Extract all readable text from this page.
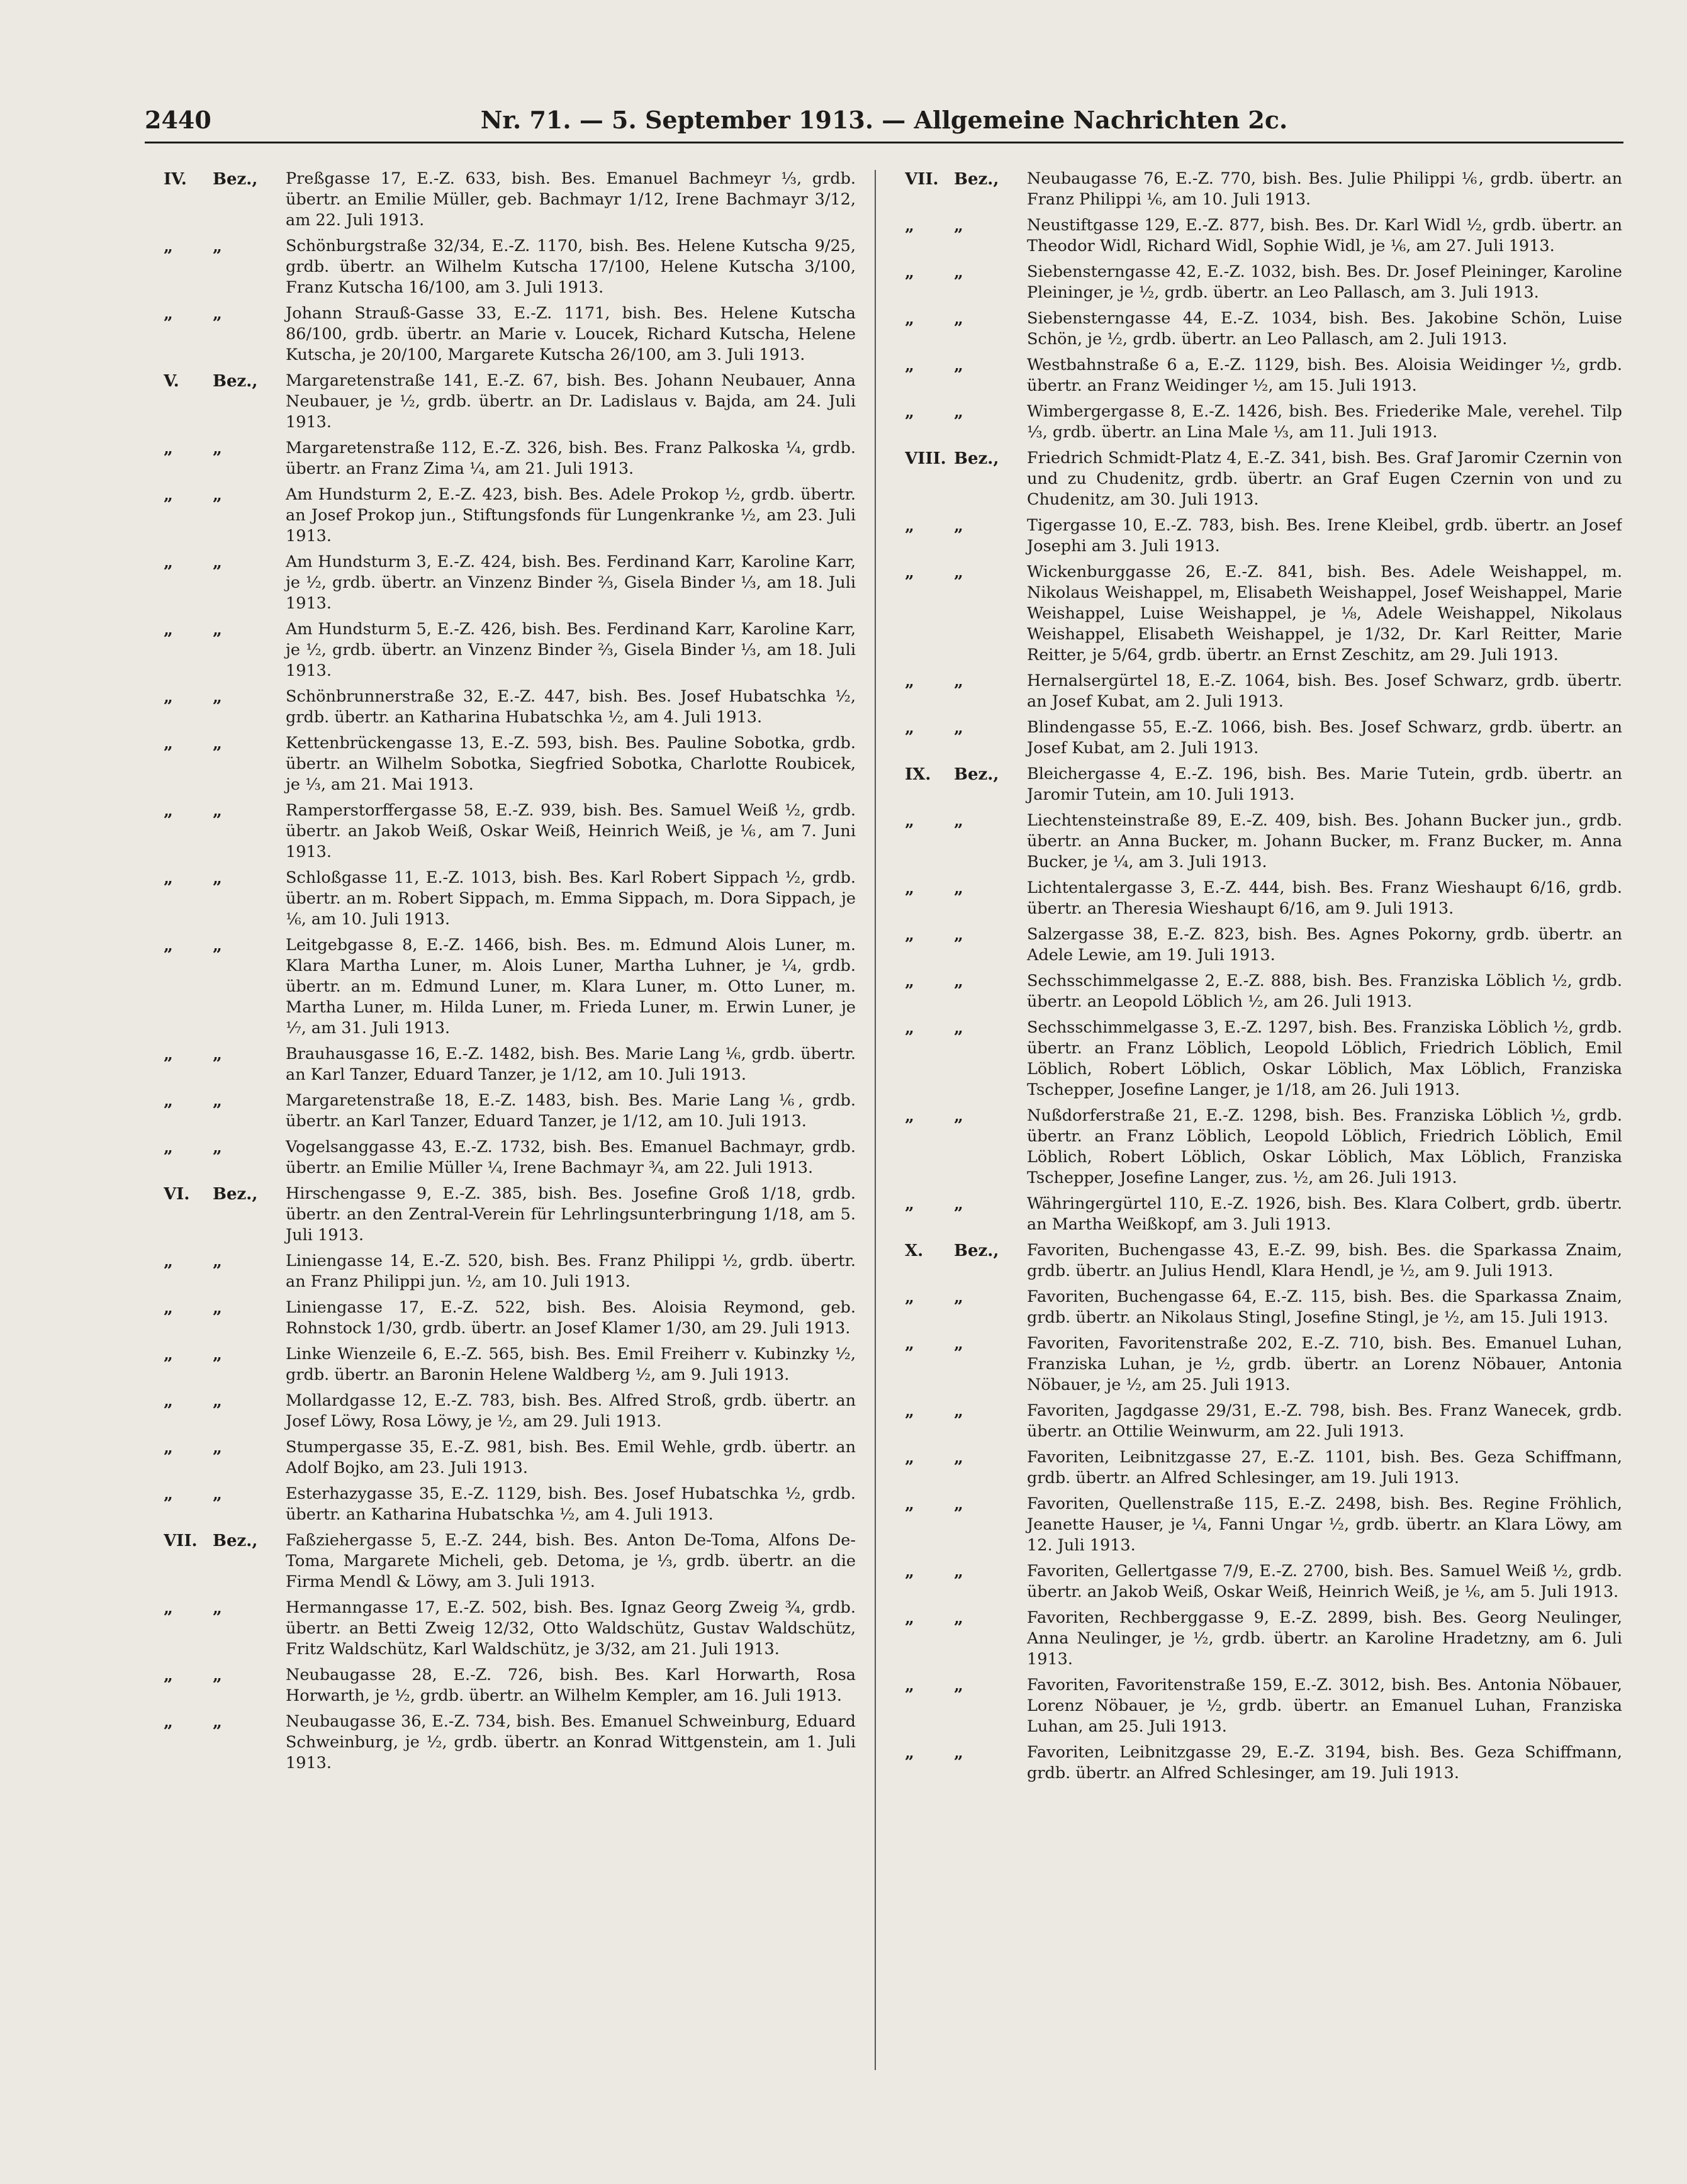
2440	Nr. 71. — 5. September 1913. — Allgemeine Nachrichten 2c.
IV.	Bez.,	Preßgasse 17, E.-Z. 633, bish. Bes. Emanuel Bachmeyr ⅓, grdb. übertr. an Emilie Müller, geb. Bachmayr 1/12, Irene Bachmayr 3/12, am 22. Juli 1913.
„	„	Schönburgstraße 32/34, E.-Z. 1170, bish. Bes. Helene Kutscha 9/25, grdb. übertr. an Wilhelm Kutscha 17/100, Helene Kutscha 3/100, Franz Kutscha 16/100, am 3. Juli 1913.
„	„	Johann Strauß-Gasse 33, E.-Z. 1171, bish. Bes. Helene Kutscha 86/100, grdb. übertr. an Marie v. Loucek, Richard Kutscha, Helene Kutscha, je 20/100, Margarete Kutscha 26/100, am 3. Juli 1913.
V.	Bez.,	Margaretenstraße 141, E.-Z. 67, bish. Bes. Johann Neubauer, Anna Neubauer, je ½, grdb. übertr. an Dr. Ladislaus v. Bajda, am 24. Juli 1913.
„	„	Margaretenstraße 112, E.-Z. 326, bish. Bes. Franz Palkoska ¼, grdb. übertr. an Franz Zima ¼, am 21. Juli 1913.
„	„	Am Hundsturm 2, E.-Z. 423, bish. Bes. Adele Prokop ½, grdb. übertr. an Josef Prokop jun., Stiftungsfonds für Lungenkranke ½, am 23. Juli 1913.
„	„	Am Hundsturm 3, E.-Z. 424, bish. Bes. Ferdinand Karr, Karoline Karr, je ½, grdb. übertr. an Vinzenz Binder ⅔, Gisela Binder ⅓, am 18. Juli 1913.
„	„	Am Hundsturm 5, E.-Z. 426, bish. Bes. Ferdinand Karr, Karoline Karr, je ½, grdb. übertr. an Vinzenz Binder ⅔, Gisela Binder ⅓, am 18. Juli 1913.
„	„	Schönbrunnerstraße 32, E.-Z. 447, bish. Bes. Josef Hubatschka ½, grdb. übertr. an Katharina Hubatschka ½, am 4. Juli 1913.
„	„	Kettenbrückengasse 13, E.-Z. 593, bish. Bes. Pauline Sobotka, grdb. übertr. an Wilhelm Sobotka, Siegfried Sobotka, Charlotte Roubicek, je ⅓, am 21. Mai 1913.
„	„	Ramperstorffergasse 58, E.-Z. 939, bish. Bes. Samuel Weiß ½, grdb. übertr. an Jakob Weiß, Oskar Weiß, Heinrich Weiß, je ⅙, am 7. Juni 1913.
„	„	Schloßgasse 11, E.-Z. 1013, bish. Bes. Karl Robert Sippach ½, grdb. übertr. an m. Robert Sippach, m. Emma Sippach, m. Dora Sippach, je ⅙, am 10. Juli 1913.
„	„	Leitgebgasse 8, E.-Z. 1466, bish. Bes. m. Edmund Alois Luner, m. Klara Martha Luner, m. Alois Luner, Martha Luhner, je ¼, grdb. übertr. an m. Edmund Luner, m. Klara Luner, m. Otto Luner, m. Martha Luner, m. Hilda Luner, m. Frieda Luner, m. Erwin Luner, je ⅐, am 31. Juli 1913.
„	„	Brauhausgasse 16, E.-Z. 1482, bish. Bes. Marie Lang ⅙, grdb. übertr. an Karl Tanzer, Eduard Tanzer, je 1/12, am 10. Juli 1913.
„	„	Margaretenstraße 18, E.-Z. 1483, bish. Bes. Marie Lang ⅙, grdb. übertr. an Karl Tanzer, Eduard Tanzer, je 1/12, am 10. Juli 1913.
„	„	Vogelsanggasse 43, E.-Z. 1732, bish. Bes. Emanuel Bachmayr, grdb. übertr. an Emilie Müller ¼, Irene Bachmayr ¾, am 22. Juli 1913.
VI.	Bez.,	Hirschengasse 9, E.-Z. 385, bish. Bes. Josefine Groß 1/18, grdb. übertr. an den Zentral-Verein für Lehrlingsunterbringung 1/18, am 5. Juli 1913.
„	„	Liniengasse 14, E.-Z. 520, bish. Bes. Franz Philippi ½, grdb. übertr. an Franz Philippi jun. ½, am 10. Juli 1913.
„	„	Liniengasse 17, E.-Z. 522, bish. Bes. Aloisia Reymond, geb. Rohnstock 1/30, grdb. übertr. an Josef Klamer 1/30, am 29. Juli 1913.
„	„	Linke Wienzeile 6, E.-Z. 565, bish. Bes. Emil Freiherr v. Kubinzky ½, grdb. übertr. an Baronin Helene Waldberg ½, am 9. Juli 1913.
„	„	Mollardgasse 12, E.-Z. 783, bish. Bes. Alfred Stroß, grdb. übertr. an Josef Löwy, Rosa Löwy, je ½, am 29. Juli 1913.
„	„	Stumpergasse 35, E.-Z. 981, bish. Bes. Emil Wehle, grdb. übertr. an Adolf Bojko, am 23. Juli 1913.
„	„	Esterhazygasse 35, E.-Z. 1129, bish. Bes. Josef Hubatschka ½, grdb. übertr. an Katharina Hubatschka ½, am 4. Juli 1913.
VII. Bez.,	Faßziehergasse 5, E.-Z. 244, bish. Bes. Anton De-Toma, Alfons De-Toma, Margarete Micheli, geb. Detoma, je ⅓, grdb. übertr. an die Firma Mendl & Löwy, am 3. Juli 1913.
„	„	Hermanngasse 17, E.-Z. 502, bish. Bes. Ignaz Georg Zweig ¾, grdb. übertr. an Betti Zweig 12/32, Otto Waldschütz, Gustav Waldschütz, Fritz Waldschütz, Karl Waldschütz, je 3/32, am 21. Juli 1913.
„	„	Neubaugasse 28, E.-Z. 726, bish. Bes. Karl Horwarth, Rosa Horwarth, je ½, grdb. übertr. an Wilhelm Kempler, am 16. Juli 1913.
„	„	Neubaugasse 36, E.-Z. 734, bish. Bes. Emanuel Schweinburg, Eduard Schweinburg, je ½, grdb. übertr. an Konrad Wittgenstein, am 1. Juli 1913.
VII. Bez.,	Neubaugasse 76, E.-Z. 770, bish. Bes. Julie Philippi ⅙, grdb. übertr. an Franz Philippi ⅙, am 10. Juli 1913.
„	„	Neustiftgasse 129, E.-Z. 877, bish. Bes. Dr. Karl Widl ½, grdb. übertr. an Theodor Widl, Richard Widl, Sophie Widl, je ⅙, am 27. Juli 1913.
„	„	Siebensterngasse 42, E.-Z. 1032, bish. Bes. Dr. Josef Pleininger, Karoline Pleininger, je ½, grdb. übertr. an Leo Pallasch, am 3. Juli 1913.
„	„	Siebensterngasse 44, E.-Z. 1034, bish. Bes. Jakobine Schön, Luise Schön, je ½, grdb. übertr. an Leo Pallasch, am 2. Juli 1913.
„	„	Westbahnstraße 6 a, E.-Z. 1129, bish. Bes. Aloisia Weidinger ½, grdb. übertr. an Franz Weidinger ½, am 15. Juli 1913.
„	„	Wimbergergasse 8, E.-Z. 1426, bish. Bes. Friederike Male, verehel. Tilp ⅓, grdb. übertr. an Lina Male ⅓, am 11. Juli 1913.
VIII. Bez.,	Friedrich Schmidt-Platz 4, E.-Z. 341, bish. Bes. Graf Jaromir Czernin von und zu Chudenitz, grdb. übertr. an Graf Eugen Czernin von und zu Chudenitz, am 30. Juli 1913.
„	„	Tigergasse 10, E.-Z. 783, bish. Bes. Irene Kleibel, grdb. übertr. an Josef Josephi am 3. Juli 1913.
„	„	Wickenburggasse 26, E.-Z. 841, bish. Bes. Adele Weishappel, m. Nikolaus Weishappel, m, Elisabeth Weishappel, Josef Weishappel, Marie Weishappel, Luise Weishappel, je ⅛, Adele Weishappel, Nikolaus Weishappel, Elisabeth Weishappel, je 1/32, Dr. Karl Reitter, Marie Reitter, je 5/64, grdb. übertr. an Ernst Zeschitz, am 29. Juli 1913.
„	„	Hernalsergürtel 18, E.-Z. 1064, bish. Bes. Josef Schwarz, grdb. übertr. an Josef Kubat, am 2. Juli 1913.
„	„	Blindengasse 55, E.-Z. 1066, bish. Bes. Josef Schwarz, grdb. übertr. an Josef Kubat, am 2. Juli 1913.
IX.	Bez.,	Bleichergasse 4, E.-Z. 196, bish. Bes. Marie Tutein, grdb. übertr. an Jaromir Tutein, am 10. Juli 1913.
„	„	Liechtensteinstraße 89, E.-Z. 409, bish. Bes. Johann Bucker jun., grdb. übertr. an Anna Bucker, m. Johann Bucker, m. Franz Bucker, m. Anna Bucker, je ¼, am 3. Juli 1913.
„	„	Lichtentalergasse 3, E.-Z. 444, bish. Bes. Franz Wieshaupt 6/16, grdb. übertr. an Theresia Wieshaupt 6/16, am 9. Juli 1913.
„	„	Salzergasse 38, E.-Z. 823, bish. Bes. Agnes Pokorny, grdb. übertr. an Adele Lewie, am 19. Juli 1913.
„	„	Sechsschimmelgasse 2, E.-Z. 888, bish. Bes. Franziska Löblich ½, grdb. übertr. an Leopold Löblich ½, am 26. Juli 1913.
„	„	Sechsschimmelgasse 3, E.-Z. 1297, bish. Bes. Franziska Löblich ½, grdb. übertr. an Franz Löblich, Leopold Löblich, Friedrich Löblich, Emil Löblich, Robert Löblich, Oskar Löblich, Max Löblich, Franziska Tschepper, Josefine Langer, je 1/18, am 26. Juli 1913.
„	„	Nußdorferstraße 21, E.-Z. 1298, bish. Bes. Franziska Löblich ½, grdb. übertr. an Franz Löblich, Leopold Löblich, Friedrich Löblich, Emil Löblich, Robert Löblich, Oskar Löblich, Max Löblich, Franziska Tschepper, Josefine Langer, zus. ½, am 26. Juli 1913.
„	„	Währingergürtel 110, E.-Z. 1926, bish. Bes. Klara Colbert, grdb. übertr. an Martha Weißkopf, am 3. Juli 1913.
X.	Bez.,	Favoriten, Buchengasse 43, E.-Z. 99, bish. Bes. die Sparkassa Znaim, grdb. übertr. an Julius Hendl, Klara Hendl, je ½, am 9. Juli 1913.
„	„	Favoriten, Buchengasse 64, E.-Z. 115, bish. Bes. die Sparkassa Znaim, grdb. übertr. an Nikolaus Stingl, Josefine Stingl, je ½, am 15. Juli 1913.
„	„	Favoriten, Favoritenstraße 202, E.-Z. 710, bish. Bes. Emanuel Luhan, Franziska Luhan, je ½, grdb. übertr. an Lorenz Nöbauer, Antonia Nöbauer, je ½, am 25. Juli 1913.
„	„	Favoriten, Jagdgasse 29/31, E.-Z. 798, bish. Bes. Franz Wanecek, grdb. übertr. an Ottilie Weinwurm, am 22. Juli 1913.
„	„	Favoriten, Leibnitzgasse 27, E.-Z. 1101, bish. Bes. Geza Schiffmann, grdb. übertr. an Alfred Schlesinger, am 19. Juli 1913.
„	„	Favoriten, Quellenstraße 115, E.-Z. 2498, bish. Bes. Regine Fröhlich, Jeanette Hauser, je ¼, Fanni Ungar ½, grdb. übertr. an Klara Löwy, am 12. Juli 1913.
„	„	Favoriten, Gellertgasse 7/9, E.-Z. 2700, bish. Bes. Samuel Weiß ½, grdb. übertr. an Jakob Weiß, Oskar Weiß, Heinrich Weiß, je ⅙, am 5. Juli 1913.
„	„	Favoriten, Rechberggasse 9, E.-Z. 2899, bish. Bes. Georg Neulinger, Anna Neulinger, je ½, grdb. übertr. an Karoline Hradetzny, am 6. Juli 1913.
„	„	Favoriten, Favoritenstraße 159, E.-Z. 3012, bish. Bes. Antonia Nöbauer, Lorenz Nöbauer, je ½, grdb. übertr. an Emanuel Luhan, Franziska Luhan, am 25. Juli 1913.
„	„	Favoriten, Leibnitzgasse 29, E.-Z. 3194, bish. Bes. Geza Schiffmann, grdb. übertr. an Alfred Schlesinger, am 19. Juli 1913.
